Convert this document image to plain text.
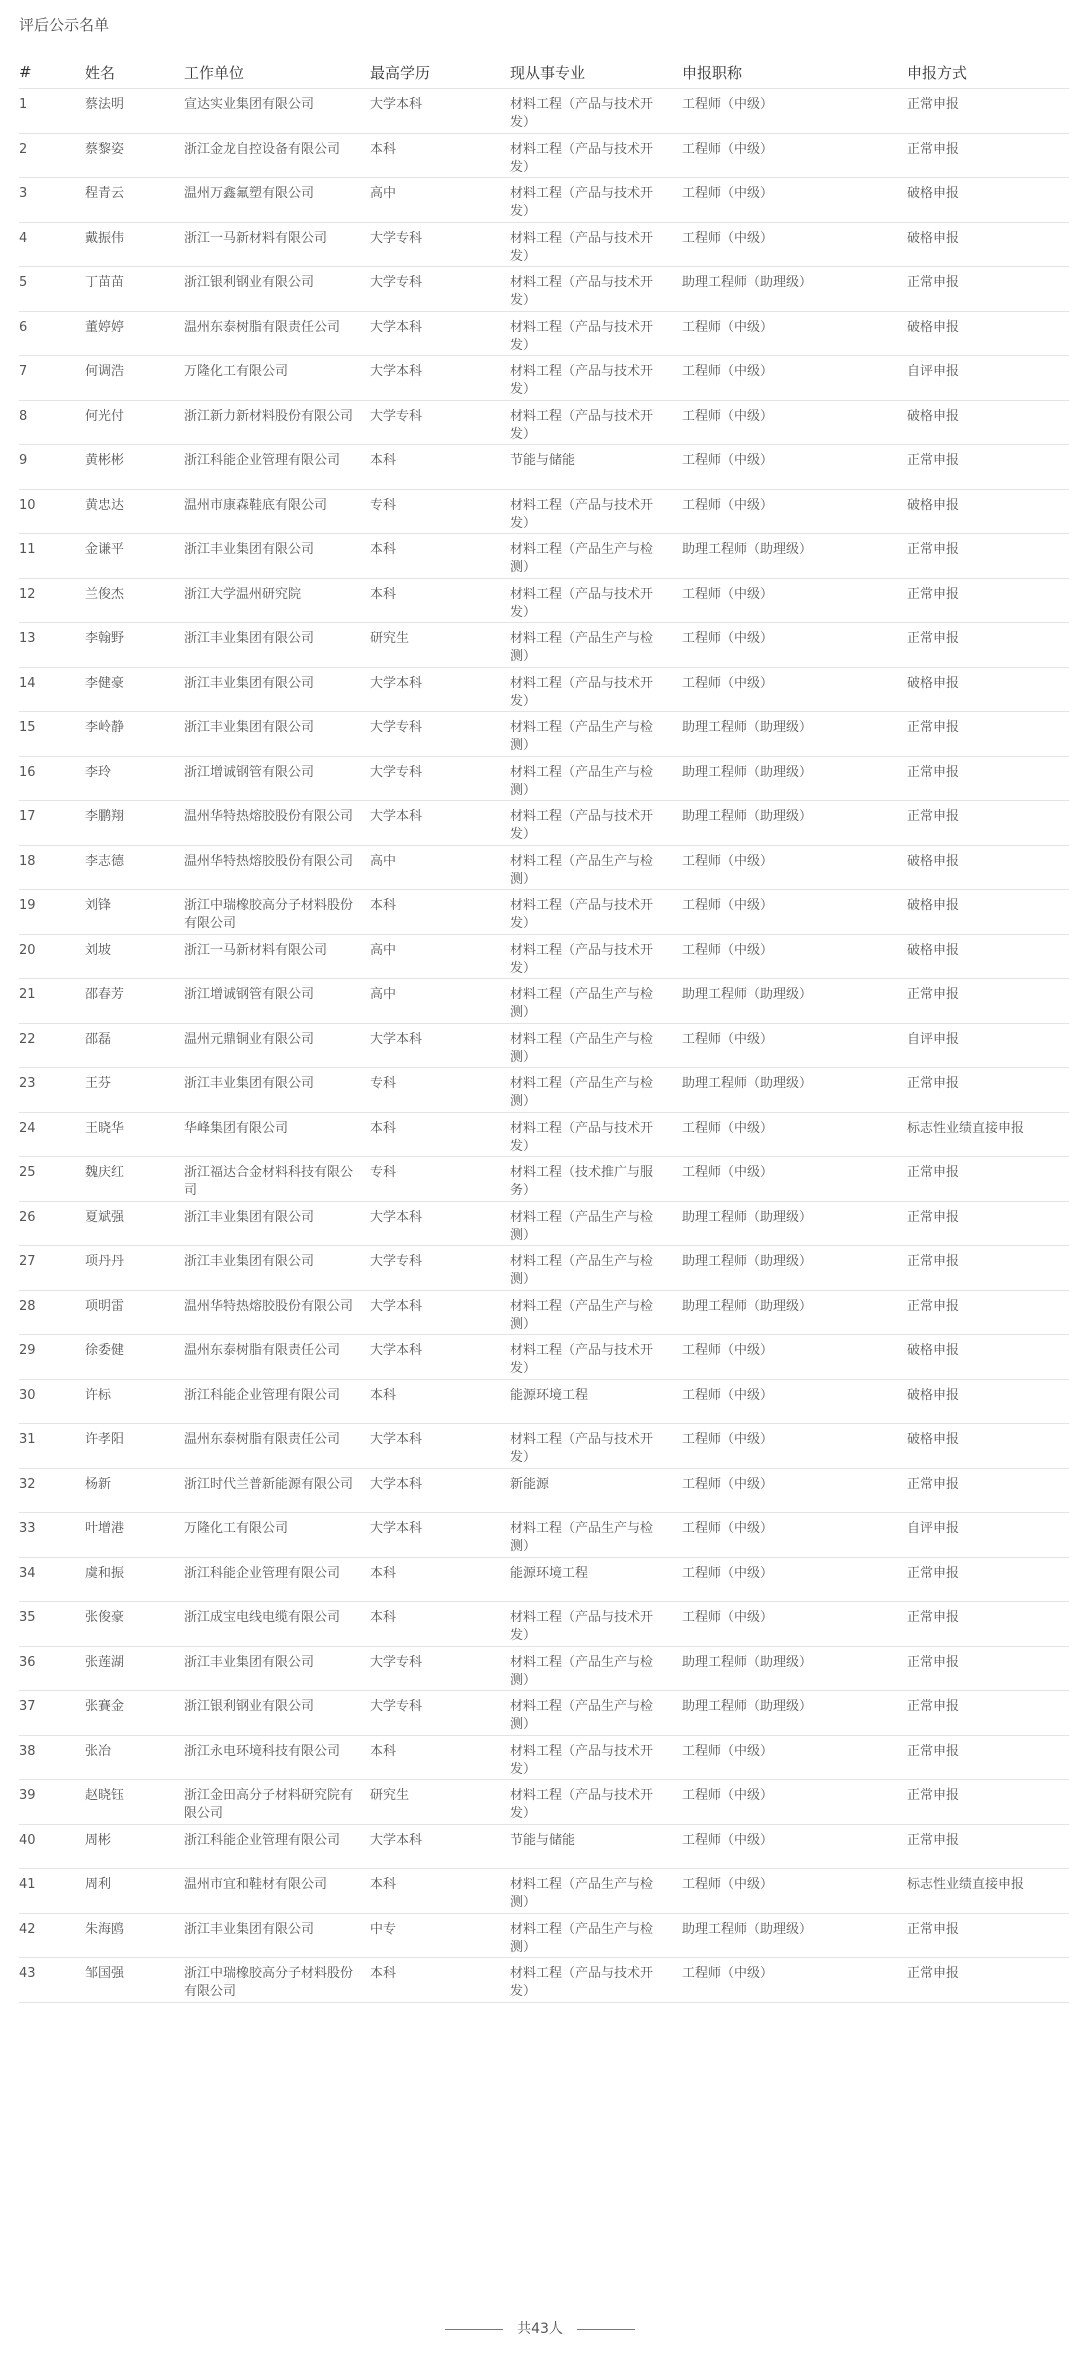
评后公示名单
#	姓名	工作单位	最高学历	现从事专业	申报职称	申报方式

1	蔡法明	宣达实业集团有限公司	大学本科	材料工程（产品与技术开发）	工程师（中级）	正常申报

2	蔡黎姿	浙江金龙自控设备有限公司	本科	材料工程（产品与技术开发）	工程师（中级）	正常申报

3	程青云	温州万鑫氟塑有限公司	高中	材料工程（产品与技术开发）	工程师（中级）	破格申报

4	戴振伟	浙江一马新材料有限公司	大学专科	材料工程（产品与技术开发）	工程师（中级）	破格申报

5	丁苗苗	浙江银利钢业有限公司	大学专科	材料工程（产品与技术开发）	助理工程师（助理级）	正常申报

6	董婷婷	温州东泰树脂有限责任公司	大学本科	材料工程（产品与技术开发）	工程师（中级）	破格申报

7	何调浩	万隆化工有限公司	大学本科	材料工程（产品与技术开发）	工程师（中级）	自评申报

8	何光付	浙江新力新材料股份有限公司	大学专科	材料工程（产品与技术开发）	工程师（中级）	破格申报

9	黄彬彬	浙江科能企业管理有限公司	本科	节能与储能	工程师（中级）	正常申报

10	黄忠达	温州市康森鞋底有限公司	专科	材料工程（产品与技术开发）	工程师（中级）	破格申报

11	金谦平	浙江丰业集团有限公司	本科	材料工程（产品生产与检测）	助理工程师（助理级）	正常申报

12	兰俊杰	浙江大学温州研究院	本科	材料工程（产品与技术开发）	工程师（中级）	正常申报

13	李翰野	浙江丰业集团有限公司	研究生	材料工程（产品生产与检测）	工程师（中级）	正常申报

14	李健豪	浙江丰业集团有限公司	大学本科	材料工程（产品与技术开发）	工程师（中级）	破格申报

15	李岭静	浙江丰业集团有限公司	大学专科	材料工程（产品生产与检测）	助理工程师（助理级）	正常申报

16	李玲	浙江增诚钢管有限公司	大学专科	材料工程（产品生产与检测）	助理工程师（助理级）	正常申报

17	李鹏翔	温州华特热熔胶股份有限公司	大学本科	材料工程（产品与技术开发）	助理工程师（助理级）	正常申报

18	李志德	温州华特热熔胶股份有限公司	高中	材料工程（产品生产与检测）	工程师（中级）	破格申报

19	刘锋	浙江中瑞橡胶高分子材料股份有限公司	本科	材料工程（产品与技术开发）	工程师（中级）	破格申报

20	刘坡	浙江一马新材料有限公司	高中	材料工程（产品与技术开发）	工程师（中级）	破格申报

21	邵春芳	浙江增诚钢管有限公司	高中	材料工程（产品生产与检测）	助理工程师（助理级）	正常申报

22	邵磊	温州元鼎铜业有限公司	大学本科	材料工程（产品生产与检测）	工程师（中级）	自评申报

23	王芬	浙江丰业集团有限公司	专科	材料工程（产品生产与检测）	助理工程师（助理级）	正常申报

24	王晓华	华峰集团有限公司	本科	材料工程（产品与技术开发）	工程师（中级）	标志性业绩直接申报

25	魏庆红	浙江福达合金材料科技有限公司	专科	材料工程（技术推广与服务）	工程师（中级）	正常申报

26	夏斌强	浙江丰业集团有限公司	大学本科	材料工程（产品生产与检测）	助理工程师（助理级）	正常申报

27	项丹丹	浙江丰业集团有限公司	大学专科	材料工程（产品生产与检测）	助理工程师（助理级）	正常申报

28	项明雷	温州华特热熔胶股份有限公司	大学本科	材料工程（产品生产与检测）	助理工程师（助理级）	正常申报

29	徐委健	温州东泰树脂有限责任公司	大学本科	材料工程（产品与技术开发）	工程师（中级）	破格申报

30	许标	浙江科能企业管理有限公司	本科	能源环境工程	工程师（中级）	破格申报

31	许孝阳	温州东泰树脂有限责任公司	大学本科	材料工程（产品与技术开发）	工程师（中级）	破格申报

32	杨新	浙江时代兰普新能源有限公司	大学本科	新能源	工程师（中级）	正常申报

33	叶增港	万隆化工有限公司	大学本科	材料工程（产品生产与检测）	工程师（中级）	自评申报

34	虞和振	浙江科能企业管理有限公司	本科	能源环境工程	工程师（中级）	正常申报

35	张俊豪	浙江成宝电线电缆有限公司	本科	材料工程（产品与技术开发）	工程师（中级）	正常申报

36	张莲湖	浙江丰业集团有限公司	大学专科	材料工程（产品生产与检测）	助理工程师（助理级）	正常申报

37	张賽金	浙江银利钢业有限公司	大学专科	材料工程（产品生产与检测）	助理工程师（助理级）	正常申报

38	张冶	浙江永电环境科技有限公司	本科	材料工程（产品与技术开发）	工程师（中级）	正常申报

39	赵晓钰	浙江金田高分子材料研究院有限公司	研究生	材料工程（产品与技术开发）	工程师（中级）	正常申报

40	周彬	浙江科能企业管理有限公司	大学本科	节能与储能	工程师（中级）	正常申报

41	周利	温州市宜和鞋材有限公司	本科	材料工程（产品生产与检测）	工程师（中级）	标志性业绩直接申报

42	朱海鸥	浙江丰业集团有限公司	中专	材料工程（产品生产与检测）	助理工程师（助理级）	正常申报

43	邹国强	浙江中瑞橡胶高分子材料股份有限公司	本科	材料工程（产品与技术开发）	工程师（中级）	正常申报
共43人
